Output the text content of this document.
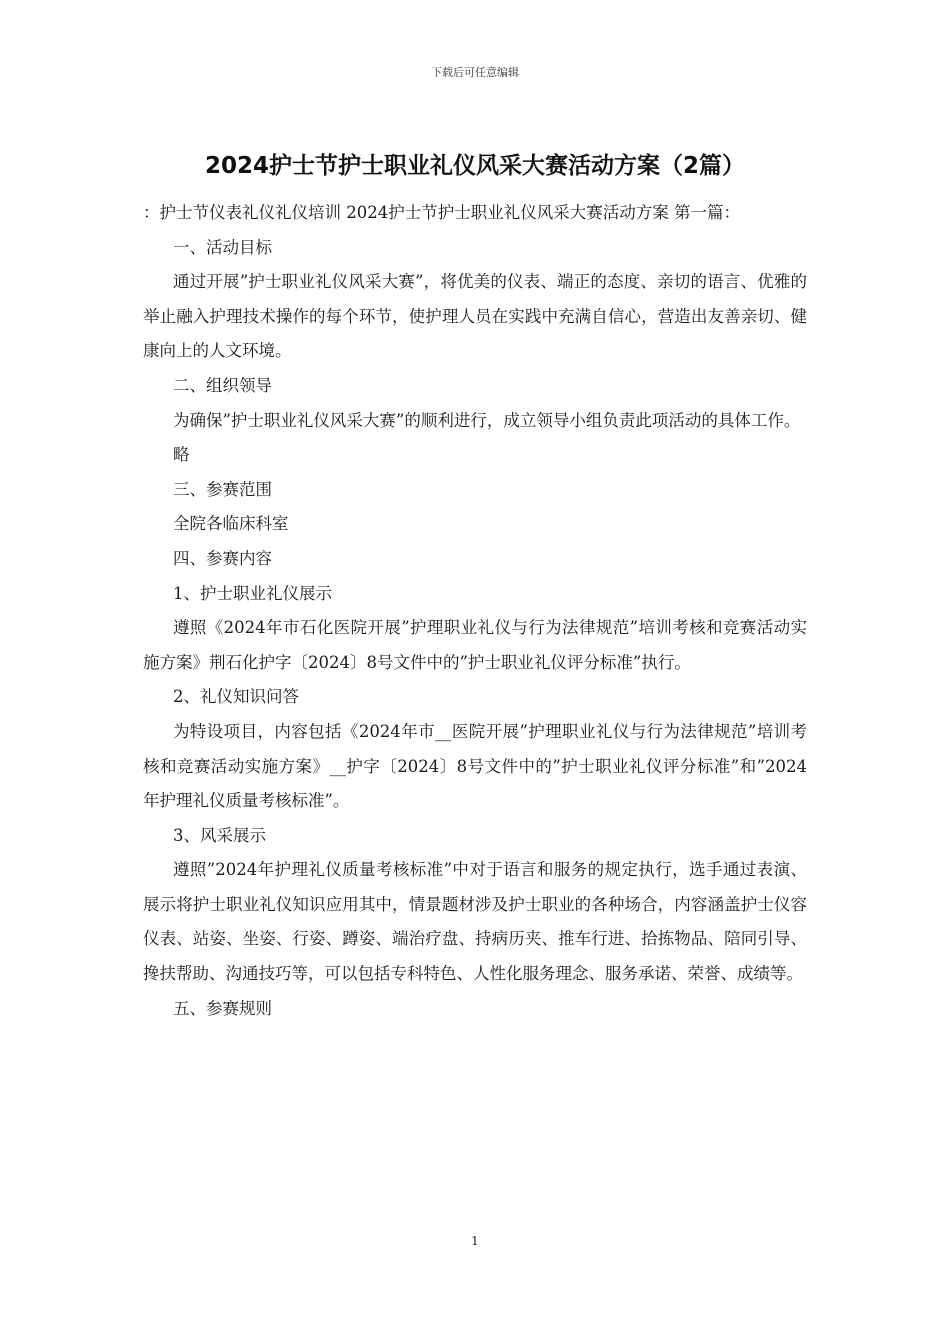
下载后可任意编辑
2024护士节护士职业礼仪风采大赛活动方案（2篇）

：护士节仪表礼仪礼仪培训 2024护士节护士职业礼仪风采大赛活动方案 第一篇：

一、活动目标

通过开展”护士职业礼仪风采大赛”，将优美的仪表、端正的态度、亲切的语言、优雅的举止融入护理技术操作的每个环节，使护理人员在实践中充满自信心，营造出友善亲切、健康向上的人文环境。

二、组织领导

为确保”护士职业礼仪风采大赛”的顺利进行，成立领导小组负责此项活动的具体工作。

略

三、参赛范围

全院各临床科室

四、参赛内容

1、护士职业礼仪展示

遵照《2024年市石化医院开展”护理职业礼仪与行为法律规范”培训考核和竞赛活动实施方案》荆石化护字〔2024〕8号文件中的”护士职业礼仪评分标准”执行。

2、礼仪知识问答

为特设项目，内容包括《2024年市__医院开展”护理职业礼仪与行为法律规范”培训考核和竞赛活动实施方案》__护字〔2024〕8号文件中的”护士职业礼仪评分标准”和”2024年护理礼仪质量考核标准”。

3、风采展示

遵照”2024年护理礼仪质量考核标准”中对于语言和服务的规定执行，选手通过表演、展示将护士职业礼仪知识应用其中，情景题材涉及护士职业的各种场合，内容涵盖护士仪容仪表、站姿、坐姿、行姿、蹲姿、端治疗盘、持病历夹、推车行进、拾拣物品、陪同引导、搀扶帮助、沟通技巧等，可以包括专科特色、人性化服务理念、服务承诺、荣誉、成绩等。

五、参赛规则

1
